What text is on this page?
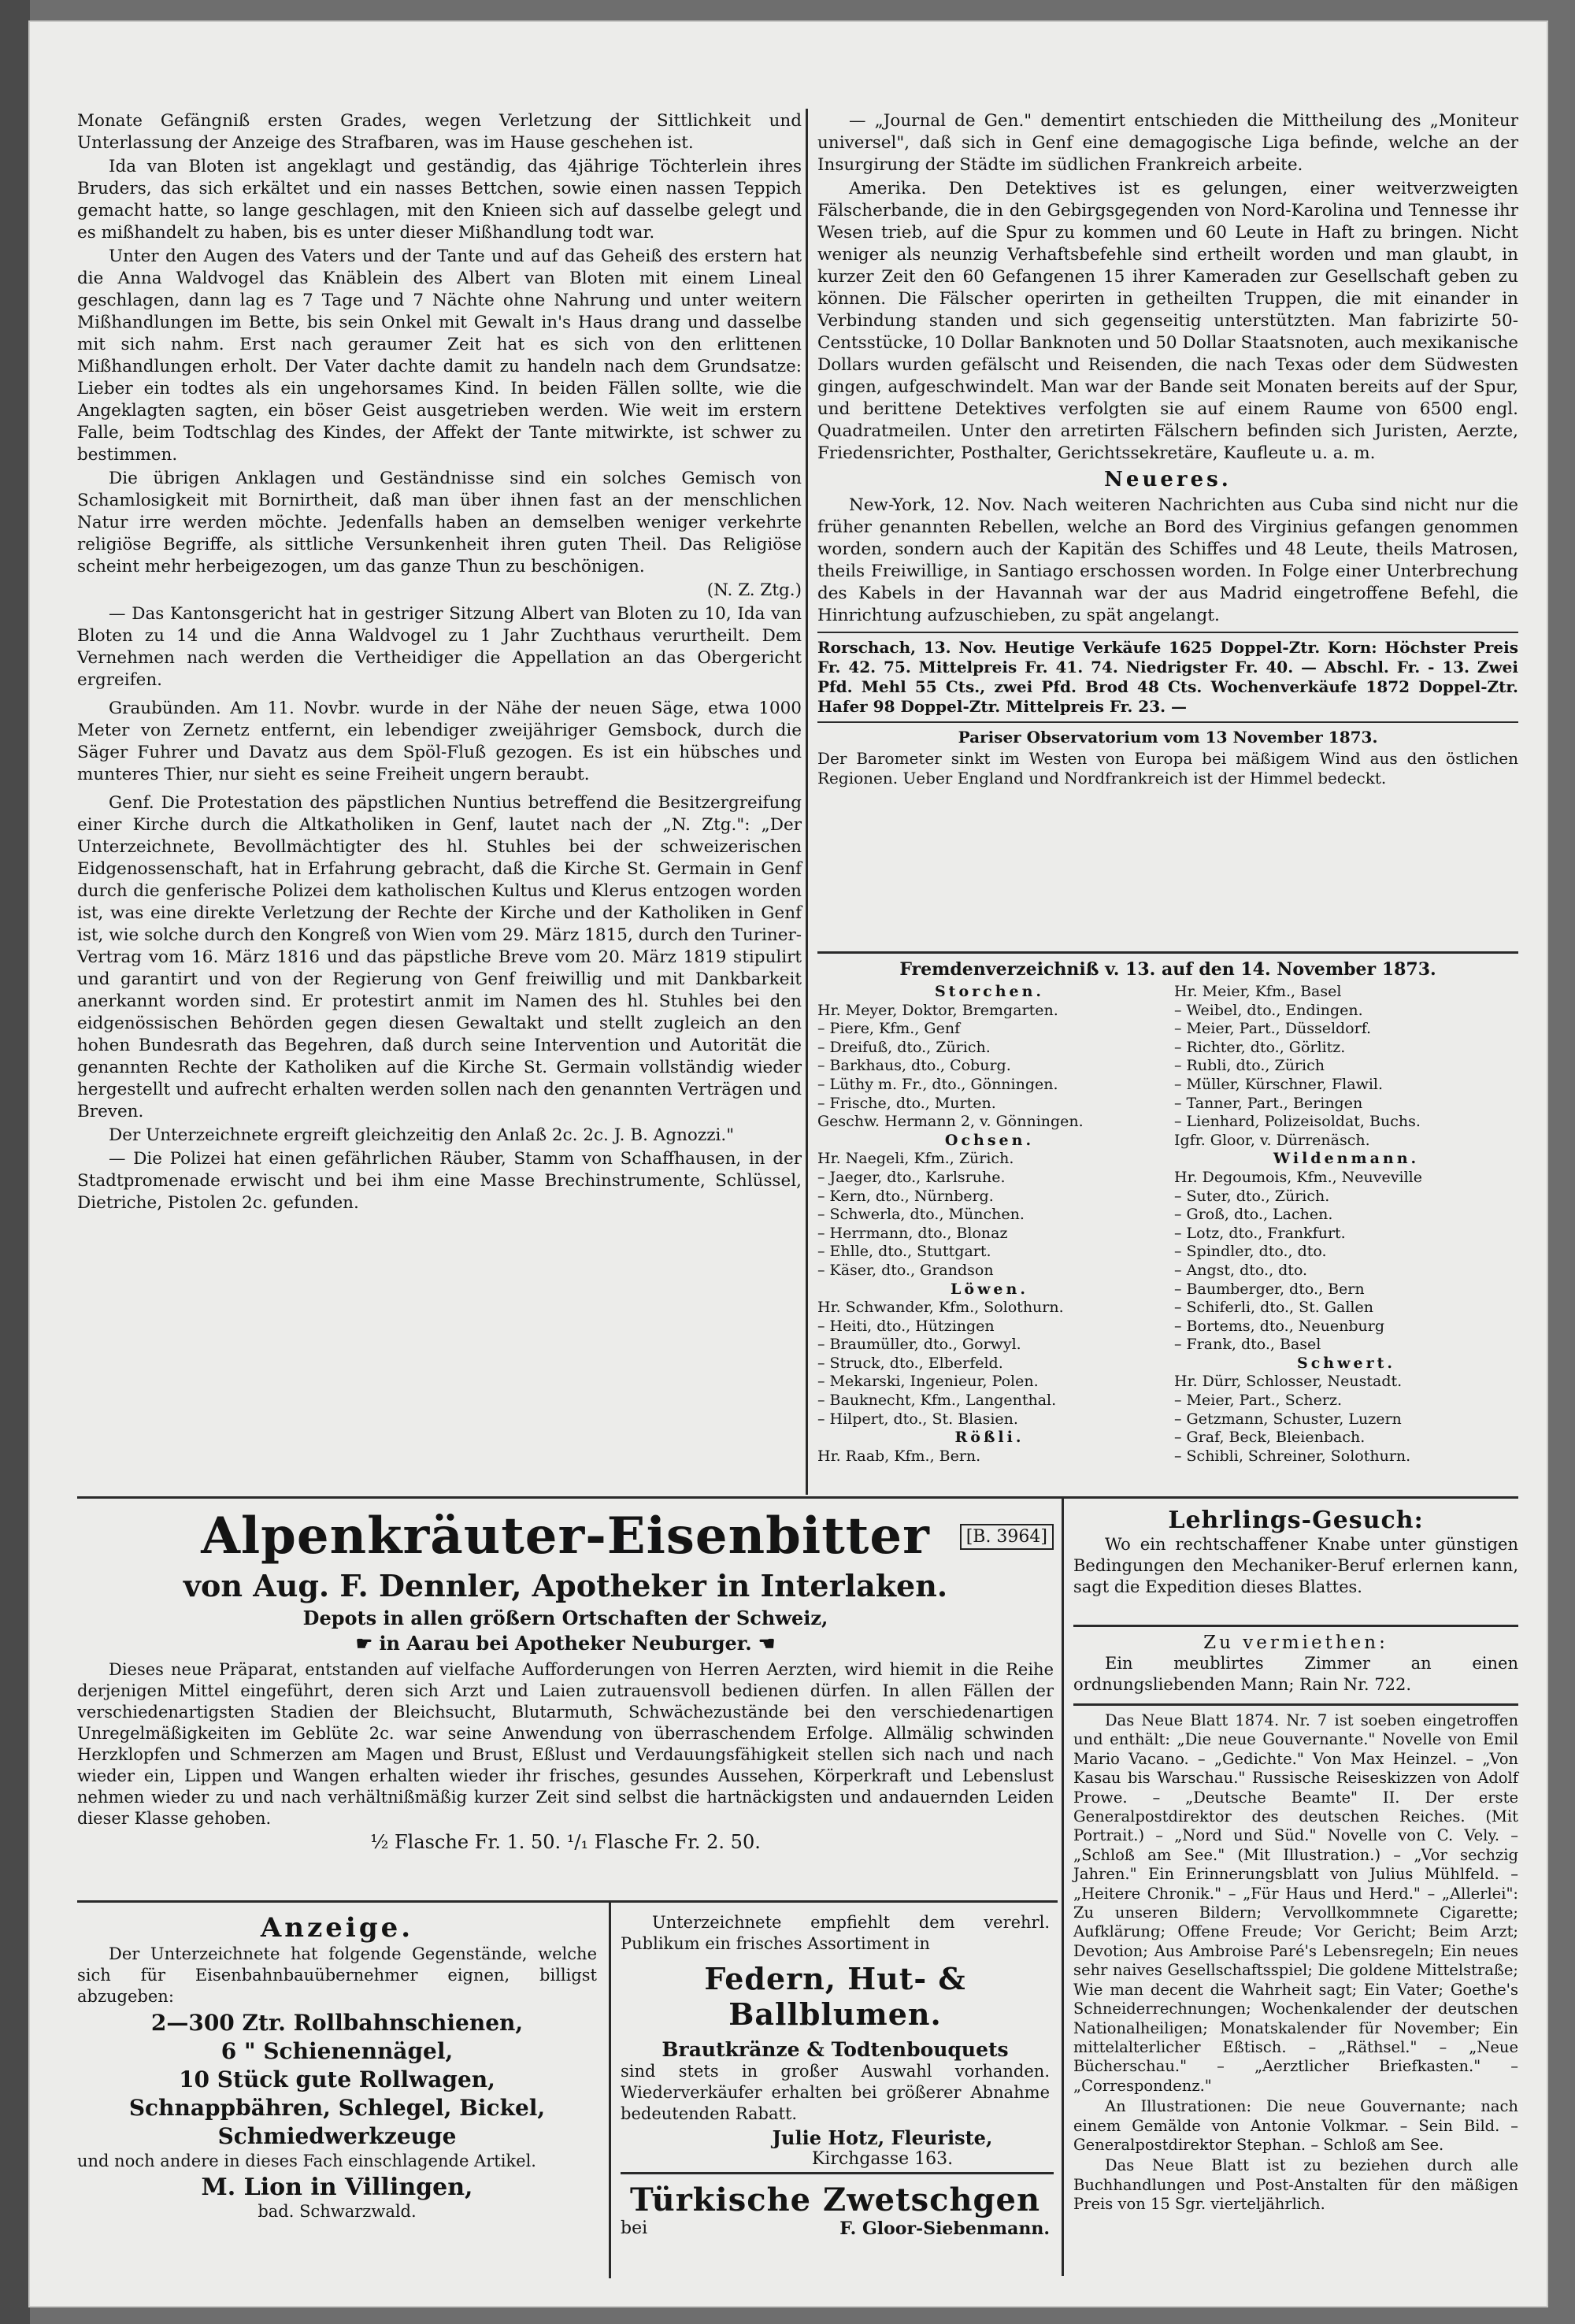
Monate Gefängniß ersten Grades, wegen Verletzung der Sittlichkeit und Unterlassung der Anzeige des Strafbaren, was im Hause geschehen ist.

Ida van Bloten ist angeklagt und geständig, das 4jährige Töchterlein ihres Bruders, das sich erkältet und ein nasses Bettchen, sowie einen nassen Teppich gemacht hatte, so lange geschlagen, mit den Knieen sich auf dasselbe gelegt und es mißhandelt zu haben, bis es unter dieser Mißhandlung todt war.

Unter den Augen des Vaters und der Tante und auf das Geheiß des erstern hat die Anna Waldvogel das Knäblein des Albert van Bloten mit einem Lineal geschlagen, dann lag es 7 Tage und 7 Nächte ohne Nahrung und unter weitern Mißhandlungen im Bette, bis sein Onkel mit Gewalt in's Haus drang und dasselbe mit sich nahm. Erst nach geraumer Zeit hat es sich von den erlittenen Mißhandlungen erholt. Der Vater dachte damit zu handeln nach dem Grundsatze: Lieber ein todtes als ein ungehorsames Kind. In beiden Fällen sollte, wie die Angeklagten sagten, ein böser Geist ausgetrieben werden. Wie weit im erstern Falle, beim Todtschlag des Kindes, der Affekt der Tante mitwirkte, ist schwer zu bestimmen.

Die übrigen Anklagen und Geständnisse sind ein solches Gemisch von Schamlosigkeit mit Bornirtheit, daß man über ihnen fast an der menschlichen Natur irre werden möchte. Jedenfalls haben an demselben weniger verkehrte religiöse Begriffe, als sittliche Versunkenheit ihren guten Theil. Das Religiöse scheint mehr herbeigezogen, um das ganze Thun zu beschönigen.

(N. Z. Ztg.)

— Das Kantonsgericht hat in gestriger Sitzung Albert van Bloten zu 10, Ida van Bloten zu 14 und die Anna Waldvogel zu 1 Jahr Zuchthaus verurtheilt. Dem Vernehmen nach werden die Vertheidiger die Appellation an das Obergericht ergreifen.

Graubünden. Am 11. Novbr. wurde in der Nähe der neuen Säge, etwa 1000 Meter von Zernetz entfernt, ein lebendiger zweijähriger Gemsbock, durch die Säger Fuhrer und Davatz aus dem Spöl-Fluß gezogen. Es ist ein hübsches und munteres Thier, nur sieht es seine Freiheit ungern beraubt.

Genf. Die Protestation des päpstlichen Nuntius betreffend die Besitzergreifung einer Kirche durch die Altkatholiken in Genf, lautet nach der „N. Ztg.": „Der Unterzeichnete, Bevollmächtigter des hl. Stuhles bei der schweizerischen Eidgenossenschaft, hat in Erfahrung gebracht, daß die Kirche St. Germain in Genf durch die genferische Polizei dem katholischen Kultus und Klerus entzogen worden ist, was eine direkte Verletzung der Rechte der Kirche und der Katholiken in Genf ist, wie solche durch den Kongreß von Wien vom 29. März 1815, durch den Turiner-Vertrag vom 16. März 1816 und das päpstliche Breve vom 20. März 1819 stipulirt und garantirt und von der Regierung von Genf freiwillig und mit Dankbarkeit anerkannt worden sind. Er protestirt anmit im Namen des hl. Stuhles bei den eidgenössischen Behörden gegen diesen Gewaltakt und stellt zugleich an den hohen Bundesrath das Begehren, daß durch seine Intervention und Autorität die genannten Rechte der Katholiken auf die Kirche St. Germain vollständig wieder hergestellt und aufrecht erhalten werden sollen nach den genannten Verträgen und Breven.

Der Unterzeichnete ergreift gleichzeitig den Anlaß 2c. 2c. J. B. Agnozzi."

— Die Polizei hat einen gefährlichen Räuber, Stamm von Schaffhausen, in der Stadtpromenade erwischt und bei ihm eine Masse Brechinstrumente, Schlüssel, Dietriche, Pistolen 2c. gefunden.

— „Journal de Gen." dementirt entschieden die Mittheilung des „Moniteur universel", daß sich in Genf eine demagogische Liga befinde, welche an der Insurgirung der Städte im südlichen Frankreich arbeite.

Amerika. Den Detektives ist es gelungen, einer weitverzweigten Fälscherbande, die in den Gebirgsgegenden von Nord-Karolina und Tennesse ihr Wesen trieb, auf die Spur zu kommen und 60 Leute in Haft zu bringen. Nicht weniger als neunzig Verhaftsbefehle sind ertheilt worden und man glaubt, in kurzer Zeit den 60 Gefangenen 15 ihrer Kameraden zur Gesellschaft geben zu können. Die Fälscher operirten in getheilten Truppen, die mit einander in Verbindung standen und sich gegenseitig unterstützten. Man fabrizirte 50-Centsstücke, 10 Dollar Banknoten und 50 Dollar Staatsnoten, auch mexikanische Dollars wurden gefälscht und Reisenden, die nach Texas oder dem Südwesten gingen, aufgeschwindelt. Man war der Bande seit Monaten bereits auf der Spur, und berittene Detektives verfolgten sie auf einem Raume von 6500 engl. Quadratmeilen. Unter den arretirten Fälschern befinden sich Juristen, Aerzte, Friedensrichter, Posthalter, Gerichtssekretäre, Kaufleute u. a. m.

Neueres.

New-York, 12. Nov. Nach weiteren Nachrichten aus Cuba sind nicht nur die früher genannten Rebellen, welche an Bord des Virginius gefangen genommen worden, sondern auch der Kapitän des Schiffes und 48 Leute, theils Matrosen, theils Freiwillige, in Santiago erschossen worden. In Folge einer Unterbrechung des Kabels in der Havannah war der aus Madrid eingetroffene Befehl, die Hinrichtung aufzuschieben, zu spät angelangt.

Rorschach, 13. Nov. Heutige Verkäufe 1625 Doppel-Ztr. Korn: Höchster Preis Fr. 42. 75. Mittelpreis Fr. 41. 74. Niedrigster Fr. 40. — Abschl. Fr. - 13. Zwei Pfd. Mehl 55 Cts., zwei Pfd. Brod 48 Cts. Wochenverkäufe 1872 Doppel-Ztr. Hafer 98 Doppel-Ztr. Mittelpreis Fr. 23. —

Pariser Observatorium vom 13 November 1873.

Der Barometer sinkt im Westen von Europa bei mäßigem Wind aus den östlichen Regionen. Ueber England und Nordfrankreich ist der Himmel bedeckt.

Fremdenverzeichniß v. 13. auf den 14. November 1873.
Storchen.
Hr. Meyer, Doktor, Bremgarten.
– Piere, Kfm., Genf
– Dreifuß, dto., Zürich.
– Barkhaus, dto., Coburg.
– Lüthy m. Fr., dto., Gönningen.
– Frische, dto., Murten.
Geschw. Hermann 2, v. Gönningen.
Ochsen.
Hr. Naegeli, Kfm., Zürich.
– Jaeger, dto., Karlsruhe.
– Kern, dto., Nürnberg.
– Schwerla, dto., München.
– Herrmann, dto., Blonaz
– Ehlle, dto., Stuttgart.
– Käser, dto., Grandson
Löwen.
Hr. Schwander, Kfm., Solothurn.
– Heiti, dto., Hützingen
– Braumüller, dto., Gorwyl.
– Struck, dto., Elberfeld.
– Mekarski, Ingenieur, Polen.
– Bauknecht, Kfm., Langenthal.
– Hilpert, dto., St. Blasien.
Rößli.
Hr. Raab, Kfm., Bern.
Hr. Meier, Kfm., Basel
– Weibel, dto., Endingen.
– Meier, Part., Düsseldorf.
– Richter, dto., Görlitz.
– Rubli, dto., Zürich
– Müller, Kürschner, Flawil.
– Tanner, Part., Beringen
– Lienhard, Polizeisoldat, Buchs.
Igfr. Gloor, v. Dürrenäsch.
Wildenmann.
Hr. Degoumois, Kfm., Neuveville
– Suter, dto., Zürich.
– Groß, dto., Lachen.
– Lotz, dto., Frankfurt.
– Spindler, dto., dto.
– Angst, dto., dto.
– Baumberger, dto., Bern
– Schiferli, dto., St. Gallen
– Bortems, dto., Neuenburg
– Frank, dto., Basel
Schwert.
Hr. Dürr, Schlosser, Neustadt.
– Meier, Part., Scherz.
– Getzmann, Schuster, Luzern
– Graf, Beck, Bleienbach.
– Schibli, Schreiner, Solothurn.
Alpenkräuter-Eisenbitter	[B. 3964]
von Aug. F. Dennler, Apotheker in Interlaken.
Depots in allen größern Ortschaften der Schweiz,
☛ in Aarau bei Apotheker Neuburger. ☚

Dieses neue Präparat, entstanden auf vielfache Aufforderungen von Herren Aerzten, wird hiemit in die Reihe derjenigen Mittel eingeführt, deren sich Arzt und Laien zutrauensvoll bedienen dürfen. In allen Fällen der verschiedenartigsten Stadien der Bleichsucht, Blutarmuth, Schwächezustände bei den verschiedenartigen Unregelmäßigkeiten im Geblüte 2c. war seine Anwendung von überraschendem Erfolge. Allmälig schwinden Herzklopfen und Schmerzen am Magen und Brust, Eßlust und Verdauungsfähigkeit stellen sich nach und nach wieder ein, Lippen und Wangen erhalten wieder ihr frisches, gesundes Aussehen, Körperkraft und Lebenslust nehmen wieder zu und nach verhältnißmäßig kurzer Zeit sind selbst die hartnäckigsten und andauernden Leiden dieser Klasse gehoben.

½ Flasche Fr. 1. 50. ¹/₁ Flasche Fr. 2. 50.

Anzeige.

Der Unterzeichnete hat folgende Gegenstände, welche sich für Eisenbahnbauübernehmer eignen, billigst abzugeben:

2—300 Ztr. Rollbahnschienen,
6 " Schienennägel,
10 Stück gute Rollwagen,
Schnappbähren, Schlegel, Bickel,
Schmiedwerkzeuge

und noch andere in dieses Fach einschlagende Artikel.

M. Lion in Villingen,
bad. Schwarzwald.

Unterzeichnete empfiehlt dem verehrl. Publikum ein frisches Assortiment in

Federn, Hut- & Ballblumen.
Brautkränze & Todtenbouquets

sind stets in großer Auswahl vorhanden. Wiederverkäufer erhalten bei größerer Abnahme bedeutenden Rabatt.

Julie Hotz, Fleuriste,
Kirchgasse 163.
Türkische Zwetschgen
bei	F. Gloor-Siebenmann.
Lehrlings-Gesuch:

Wo ein rechtschaffener Knabe unter günstigen Bedingungen den Mechaniker-Beruf erlernen kann, sagt die Expedition dieses Blattes.

Zu vermiethen:

Ein meublirtes Zimmer an einen ordnungsliebenden Mann; Rain Nr. 722.

Das Neue Blatt 1874. Nr. 7 ist soeben eingetroffen und enthält: „Die neue Gouvernante." Novelle von Emil Mario Vacano. – „Gedichte." Von Max Heinzel. – „Von Kasau bis Warschau." Russische Reiseskizzen von Adolf Prowe. – „Deutsche Beamte" II. Der erste Generalpostdirektor des deutschen Reiches. (Mit Portrait.) – „Nord und Süd." Novelle von C. Vely. – „Schloß am See." (Mit Illustration.) – „Vor sechzig Jahren." Ein Erinnerungsblatt von Julius Mühlfeld. – „Heitere Chronik." – „Für Haus und Herd." – „Allerlei": Zu unseren Bildern; Vervollkommnete Cigarette; Aufklärung; Offene Freude; Vor Gericht; Beim Arzt; Devotion; Aus Ambroise Paré's Lebensregeln; Ein neues sehr naives Gesellschaftsspiel; Die goldene Mittelstraße; Wie man decent die Wahrheit sagt; Ein Vater; Goethe's Schneiderrechnungen; Wochenkalender der deutschen Nationalheiligen; Monatskalender für November; Ein mittelalterlicher Eßtisch. – „Räthsel." – „Neue Bücherschau." – „Aerztlicher Briefkasten." – „Correspondenz."

An Illustrationen: Die neue Gouvernante; nach einem Gemälde von Antonie Volkmar. – Sein Bild. – Generalpostdirektor Stephan. – Schloß am See.

Das Neue Blatt ist zu beziehen durch alle Buchhandlungen und Post-Anstalten für den mäßigen Preis von 15 Sgr. vierteljährlich.
